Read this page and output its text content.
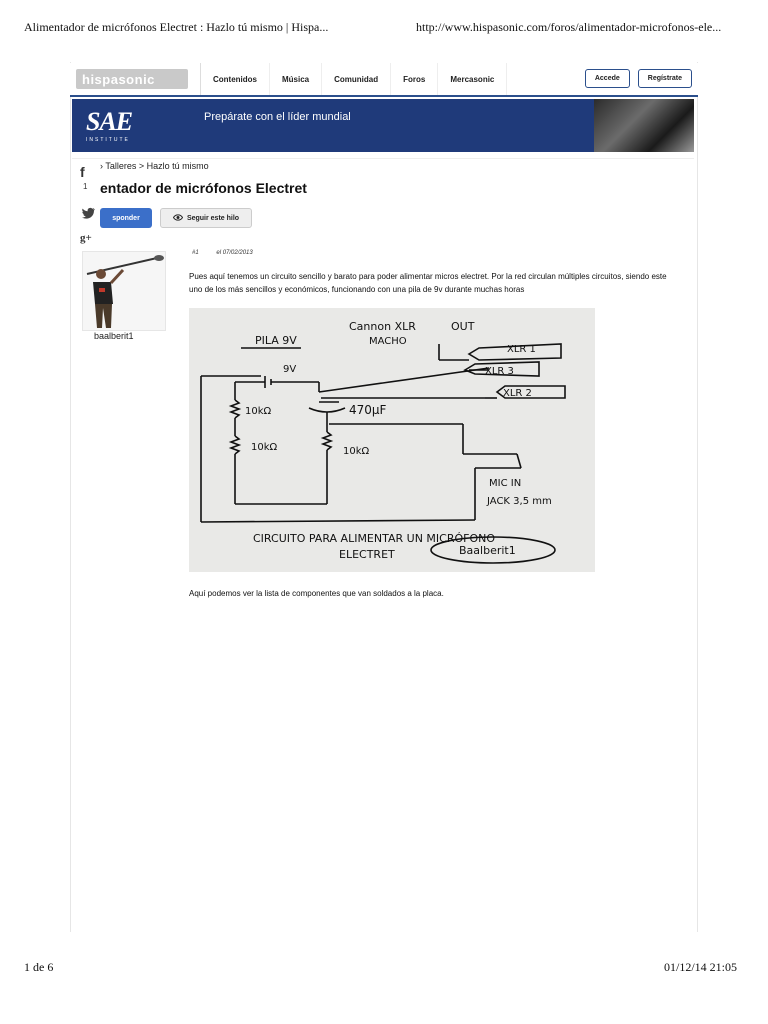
Alimentador de micrófonos Electret : Hazlo tú mismo | Hispa...	http://www.hispasonic.com/foros/alimentador-microfonos-ele...
hispasonic	Contenidos	Música	Comunidad	Foros	Mercasonic	Accede	Regístrate
SAE
INSTITUTE
Prepárate con el líder mundial
f
1
g+
› Talleres > Hazlo tú mismo
entador de micrófonos Electret
sponder	Seguir este hilo
baalberit1
#1	el 07/02/2013
Pues aquí tenemos un circuito sencillo y barato para poder alimentar micros electret. Por la red circulan múltiples circuitos, siendo este uno de los más sencillos y económicos, funcionando con una pila de 9v durante muchas horas
PILA 9V
9V
Cannon XLR
MACHO
OUT
XLR 1
XLR 3
XLR 2
10kΩ
10kΩ	10kΩ
470µF
MIC IN
JACK 3,5 mm
CIRCUITO PARA ALIMENTAR UN MICRÓFONO
ELECTRET	Baalberit1
Aquí podemos ver la lista de componentes que van soldados a la placa.
1 de 6	01/12/14 21:05
